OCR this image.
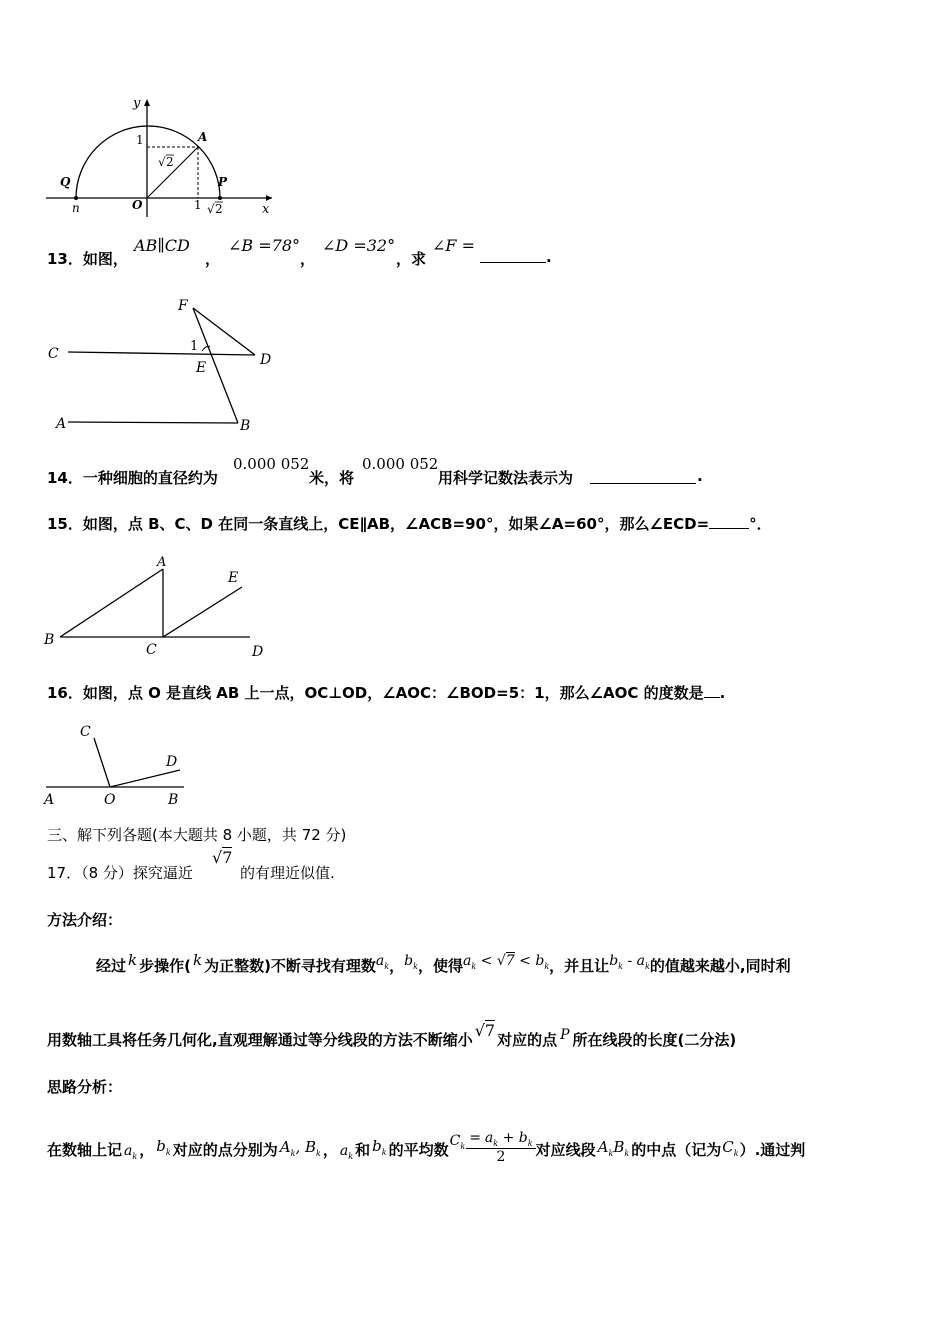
y
1	A
√ 2
Q	P
n	O	1 √ 2	x
13．如图，
AB∥CD
，
∠B =78°
，
∠D =32°
，求
∠F =
.
F
C	1
E	D
A	B
14．一种细胞的直径约为
0.000 052
米，将
0.000 052
用科学记数法表示为	.
15．如图，点 B、C、D 在同一条直线上，CE∥AB，∠ACB=90°，如果∠A=60°，那么∠ECD=	°．
A
E
B
C	D
16．如图，点 O 是直线 AB 上一点，OC⊥OD，∠AOC：∠BOD=5：1，那么∠AOC 的度数是 .
C
D
A	O	B
三、解下列各题(本大题共 8 小题，共 72 分)
17．（8 分）探究逼近
√7
的有理近似值.
方法介绍：
经过 k 步操作( k 为正整数)不断寻找有理数$a_k$，$b_k$，使得$a_k < √7 < b_k$，并且让$b_k - a_k$的值越来越小,同时利
用数轴工具将任务几何化,直观理解通过等分线段的方法不断缩小 √7 对应的点 P 所在线段的长度(二分法)
思路分析：
在数轴上记 $a_k$ ， $b_k$ 对应的点分别为 $A_k$, $B_k$ ， $a_k$ 和 $b_k$ 的平均数$C_k \frac{= a_k + b_k}{2}$ 对应线段 $A_kB_k$ 的中点（记为$C_k$）.通过判
